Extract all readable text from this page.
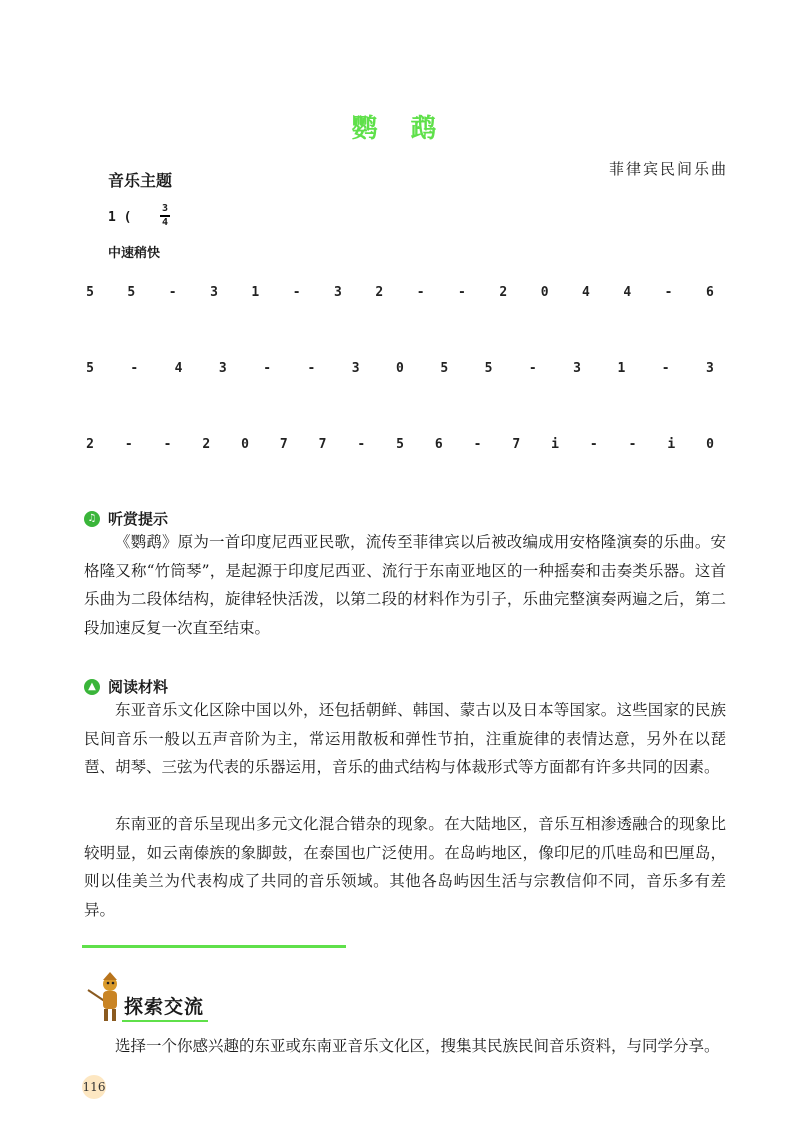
鹦 鹉
菲律宾民间乐曲
音乐主题
1 (
3
4
中速稍快
5	5	-	3	1	-	3	2	-	-	2	0	4	4	-	6
5	-	4	3	-	-	3	0	5	5	-	3	1	-	3
2 - - 2 0 7 7 - 5 6 - 7 i - - i 0
♫ 听赏提示

《鹦鹉》原为一首印度尼西亚民歌，流传至菲律宾以后被改编成用安格隆演奏的乐曲。安格隆又称“竹筒琴”，是起源于印度尼西亚、流行于东南亚地区的一种摇奏和击奏类乐器。这首乐曲为二段体结构，旋律轻快活泼，以第二段的材料作为引子，乐曲完整演奏两遍之后，第二段加速反复一次直至结束。

▲ 阅读材料

东亚音乐文化区除中国以外，还包括朝鲜、韩国、蒙古以及日本等国家。这些国家的民族民间音乐一般以五声音阶为主，常运用散板和弹性节拍，注重旋律的表情达意，另外在以琵琶、胡琴、三弦为代表的乐器运用，音乐的曲式结构与体裁形式等方面都有许多共同的因素。

东南亚的音乐呈现出多元文化混合错杂的现象。在大陆地区，音乐互相渗透融合的现象比较明显，如云南傣族的象脚鼓，在泰国也广泛使用。在岛屿地区，像印尼的爪哇岛和巴厘岛，则以佳美兰为代表构成了共同的音乐领域。其他各岛屿因生活与宗教信仰不同，音乐多有差异。

探索交流

选择一个你感兴趣的东亚或东南亚音乐文化区，搜集其民族民间音乐资料，与同学分享。

116
